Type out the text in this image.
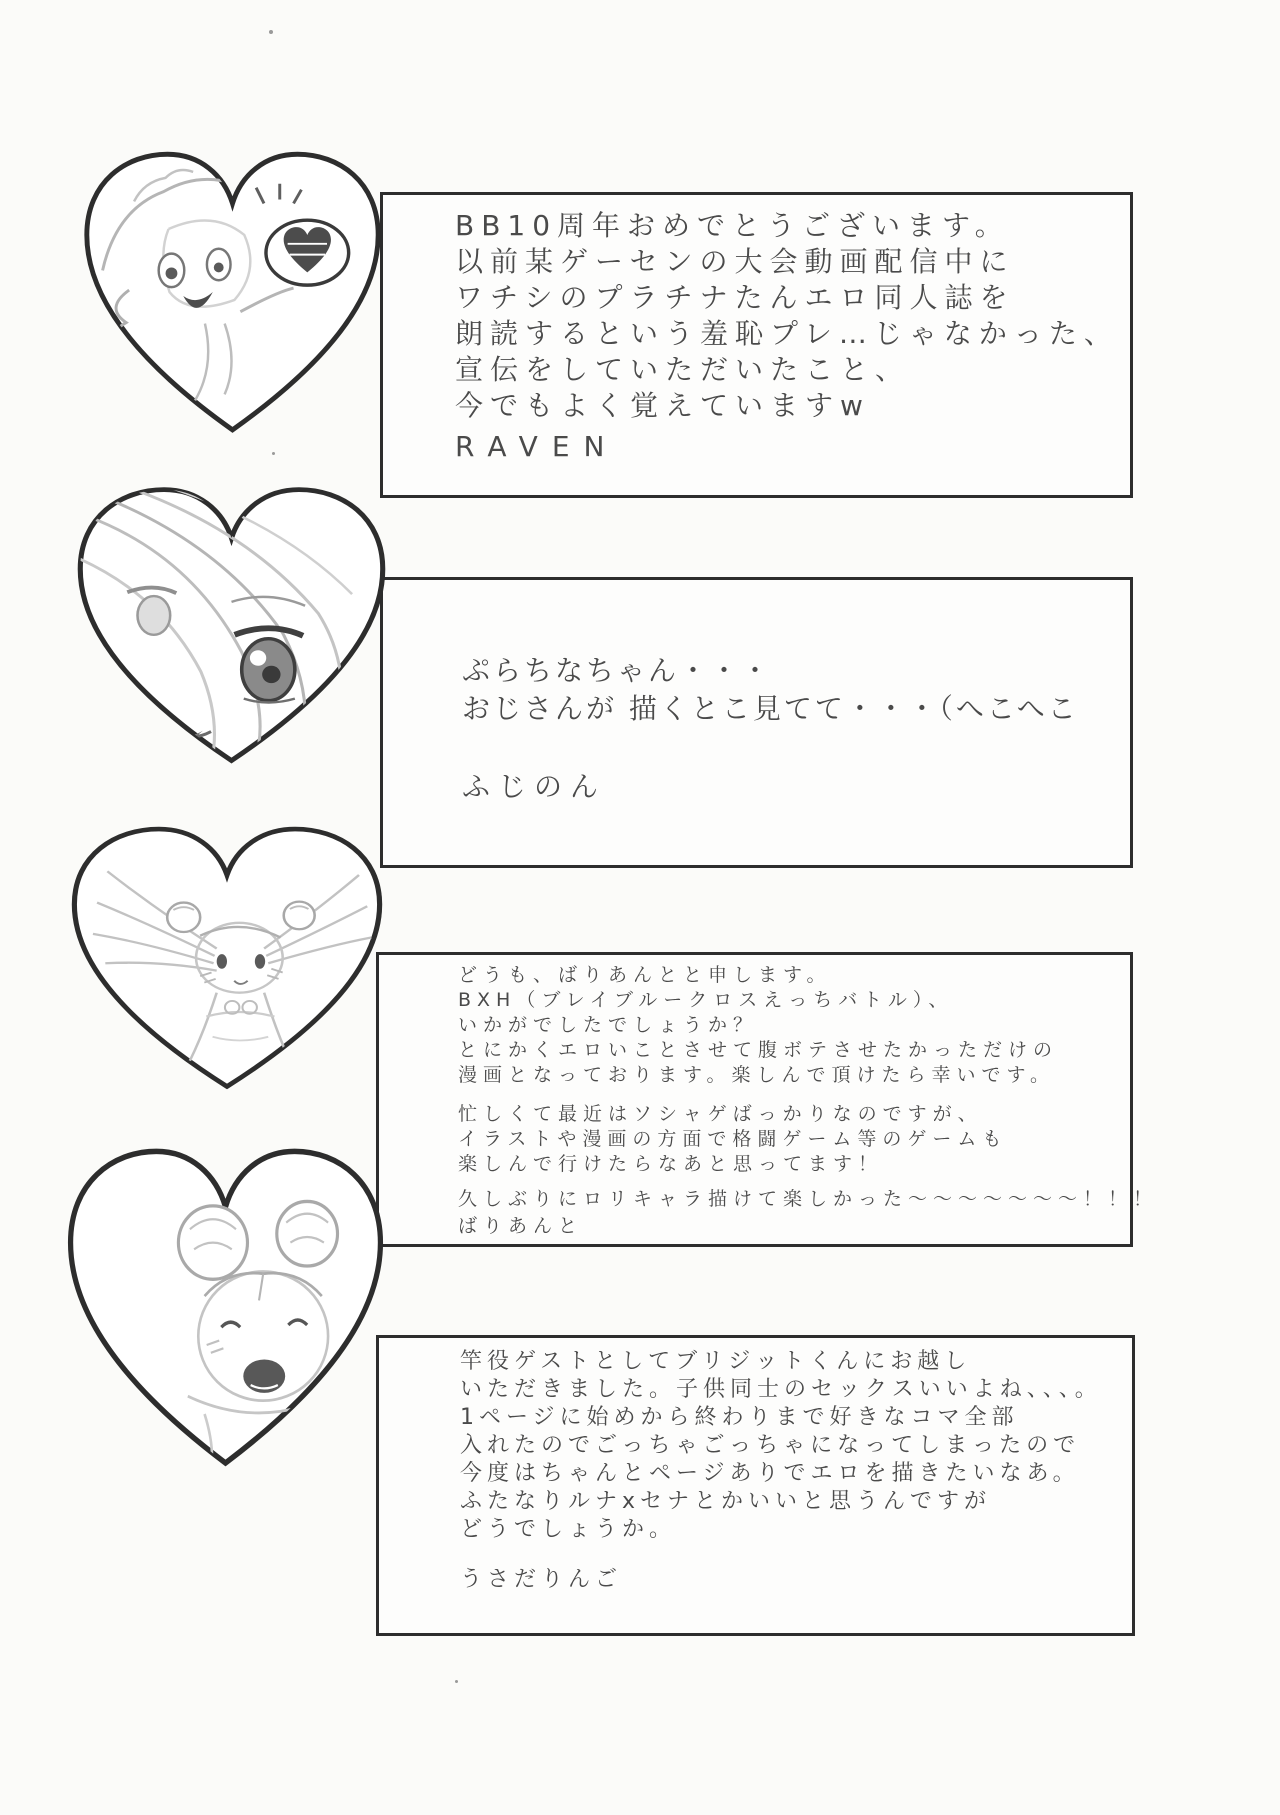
BB10周年おめでとうございます。
以前某ゲーセンの大会動画配信中に
ワチシのプラチナたんエロ同人誌を
朗読するという羞恥プレ…じゃなかった、
宣伝をしていただいたこと、
今でもよく覚えていますw
RAVEN
ぷらちなちゃん・・・
おじさんが 描くとこ見てて・・・（へこへこ
ふじのん
どうも、ばりあんとと申します。
BXH（ブレイブルークロスえっちバトル）、
いかがでしたでしょうか？
とにかくエロいことさせて腹ボテさせたかっただけの
漫画となっております。楽しんで頂けたら幸いです。
忙しくて最近はソシャゲばっかりなのですが、
イラストや漫画の方面で格闘ゲーム等のゲームも
楽しんで行けたらなあと思ってます！
久しぶりにロリキャラ描けて楽しかった～～～～～～～！！！
ばりあんと
竿役ゲストとしてブリジットくんにお越し
いただきました。子供同士のセックスいいよね、、、。
1ページに始めから終わりまで好きなコマ全部
入れたのでごっちゃごっちゃになってしまったので
今度はちゃんとページありでエロを描きたいなあ。
ふたなりルナxセナとかいいと思うんですが
どうでしょうか。
うさだりんご
